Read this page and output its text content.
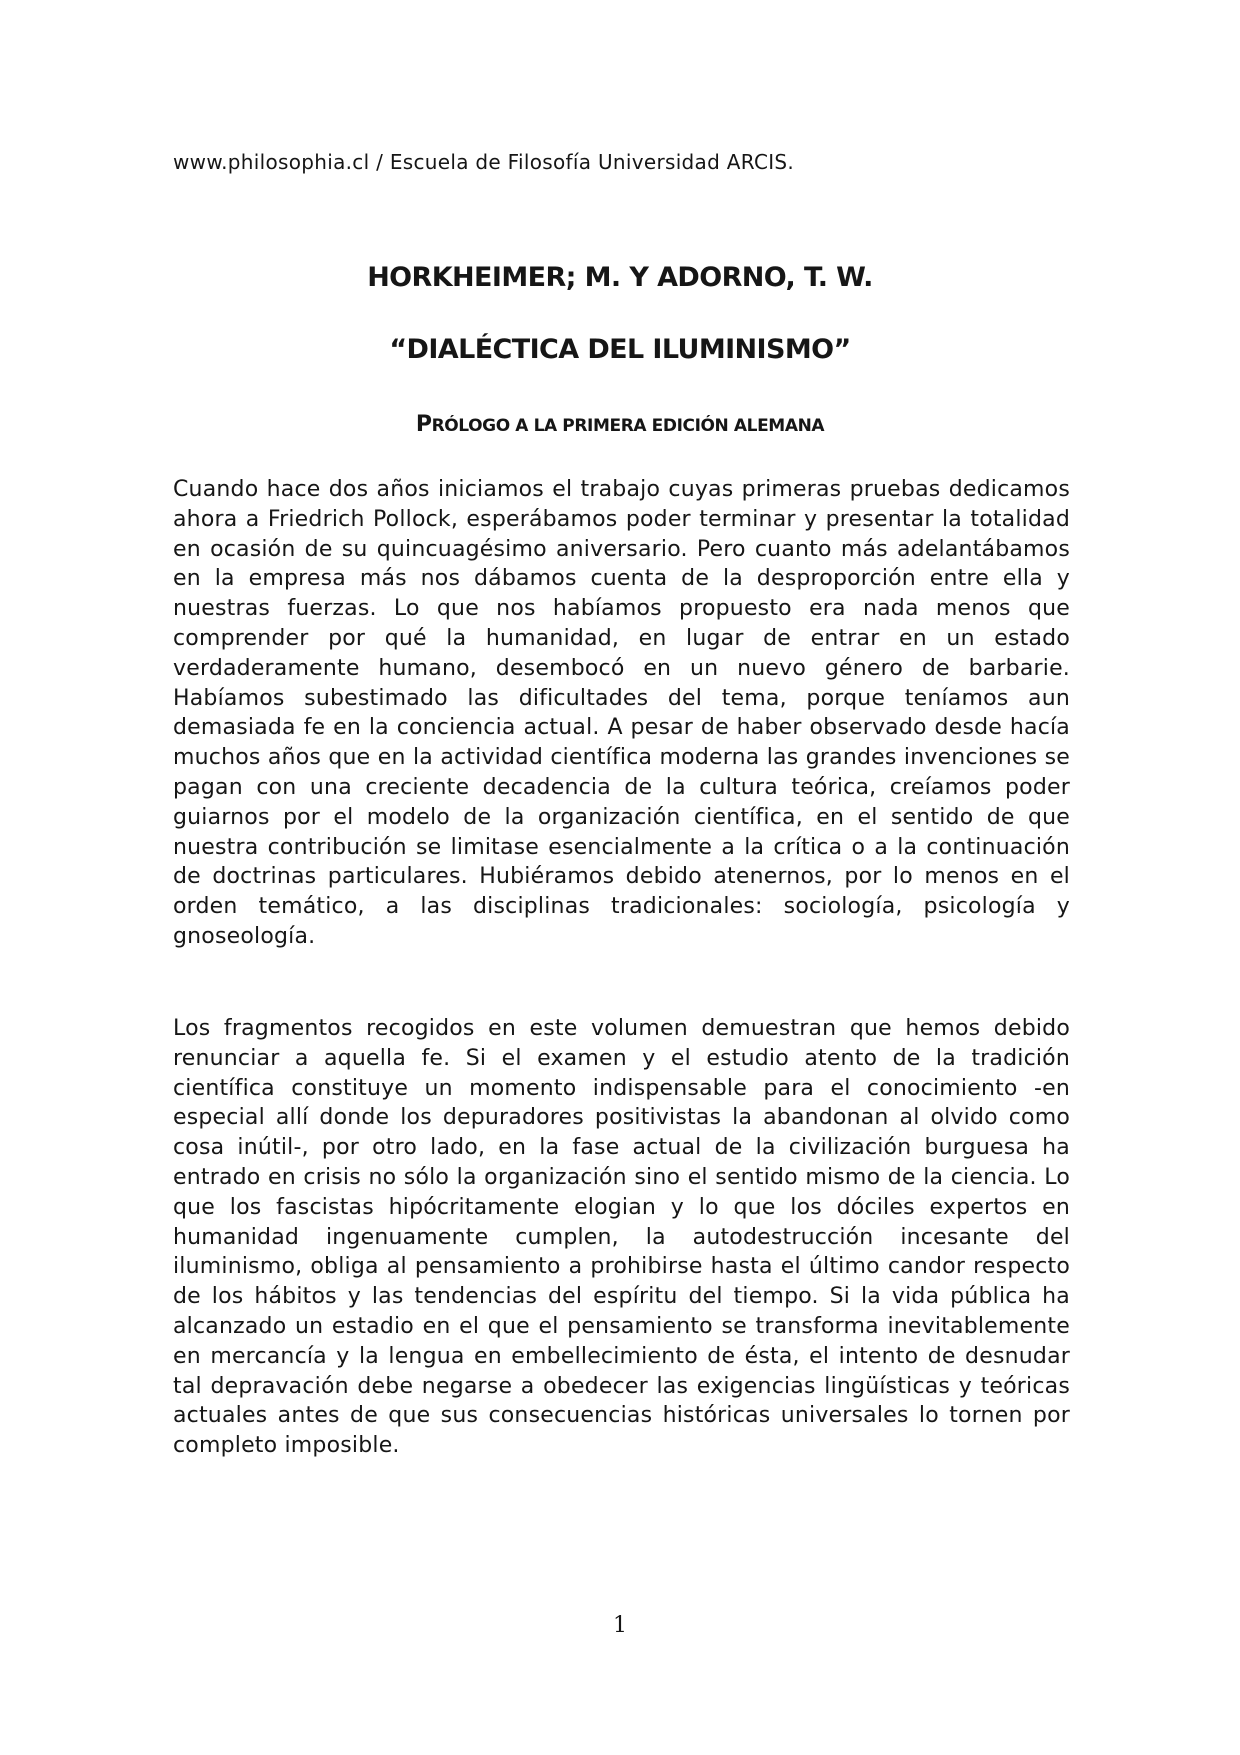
www.philosophia.cl / Escuela de Filosofía Universidad ARCIS.
HORKHEIMER; M. Y ADORNO, T. W.
“DIALÉCTICA DEL ILUMINISMO”
PRÓLOGO A LA PRIMERA EDICIÓN ALEMANA

Cuando hace dos años iniciamos el trabajo cuyas primeras pruebas dedicamos ahora a Friedrich Pollock, esperábamos poder terminar y presentar la totalidad en ocasión de su quincuagésimo aniversario. Pero cuanto más adelantábamos en la empresa más nos dábamos cuenta de la desproporción entre ella y nuestras fuerzas. Lo que nos habíamos propuesto era nada menos que comprender por qué la humanidad, en lugar de entrar en un estado verdaderamente humano, desembocó en un nuevo género de barbarie. Habíamos subestimado las dificultades del tema, porque teníamos aun demasiada fe en la conciencia actual. A pesar de haber observado desde hacía muchos años que en la actividad científica moderna las grandes invenciones se pagan con una creciente decadencia de la cultura teórica, creíamos poder guiarnos por el modelo de la organización científica, en el sentido de que nuestra contribución se limitase esencialmente a la crítica o a la continuación de doctrinas particulares. Hubiéramos debido atenernos, por lo menos en el orden temático, a las disciplinas tradicionales: sociología, psicología y gnoseología.

Los fragmentos recogidos en este volumen demuestran que hemos debido renunciar a aquella fe. Si el examen y el estudio atento de la tradición científica constituye un momento indispensable para el conocimiento -en especial allí donde los depuradores positivistas la abandonan al olvido como cosa inútil-, por otro lado, en la fase actual de la civilización burguesa ha entrado en crisis no sólo la organización sino el sentido mismo de la ciencia. Lo que los fascistas hipócritamente elogian y lo que los dóciles expertos en humanidad ingenuamente cumplen, la autodestrucción incesante del iluminismo, obliga al pensamiento a prohibirse hasta el último candor respecto de los hábitos y las tendencias del espíritu del tiempo. Si la vida pública ha alcanzado un estadio en el que el pensamiento se transforma inevitablemente en mercancía y la lengua en embellecimiento de ésta, el intento de desnudar tal depravación debe negarse a obedecer las exigencias lingüísticas y teóricas actuales antes de que sus consecuencias históricas universales lo tornen por completo imposible.

1
